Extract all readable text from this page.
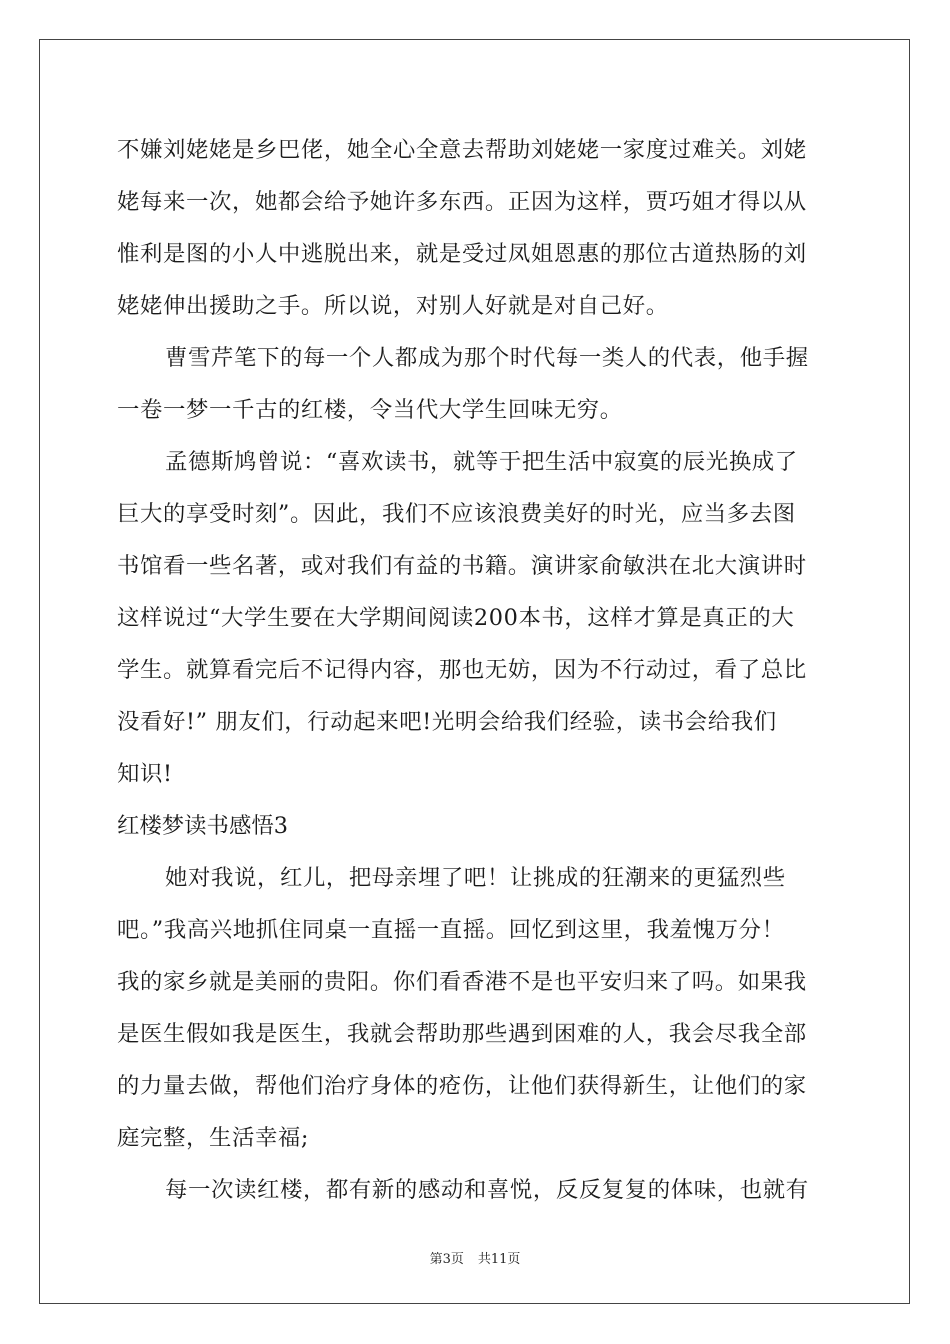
不嫌刘姥姥是乡巴佬，她全心全意去帮助刘姥姥一家度过难关。刘姥
姥每来一次，她都会给予她许多东西。正因为这样，贾巧姐才得以从
惟利是图的小人中逃脱出来，就是受过凤姐恩惠的那位古道热肠的刘
姥姥伸出援助之手。所以说，对别人好就是对自己好。
曹雪芹笔下的每一个人都成为那个时代每一类人的代表，他手握
一卷一梦一千古的红楼，令当代大学生回味无穷。
孟德斯鸠曾说：“喜欢读书，就等于把生活中寂寞的辰光换成了
巨大的享受时刻”。因此，我们不应该浪费美好的时光，应当多去图
书馆看一些名著，或对我们有益的书籍。演讲家俞敏洪在北大演讲时
这样说过“大学生要在大学期间阅读200本书，这样才算是真正的大
学生。就算看完后不记得内容，那也无妨，因为不行动过，看了总比
没看好!” 朋友们，行动起来吧!光明会给我们经验，读书会给我们
知识!
红楼梦读书感悟3
她对我说，红儿，把母亲埋了吧！让挑成的狂潮来的更猛烈些
吧。”我高兴地抓住同桌一直摇一直摇。回忆到这里，我羞愧万分！
我的家乡就是美丽的贵阳。你们看香港不是也平安归来了吗。如果我
是医生假如我是医生，我就会帮助那些遇到困难的人，我会尽我全部
的力量去做，帮他们治疗身体的疮伤，让他们获得新生，让他们的家
庭完整，生活幸福;
每一次读红楼，都有新的感动和喜悦，反反复复的体味，也就有
第3页 共11页
